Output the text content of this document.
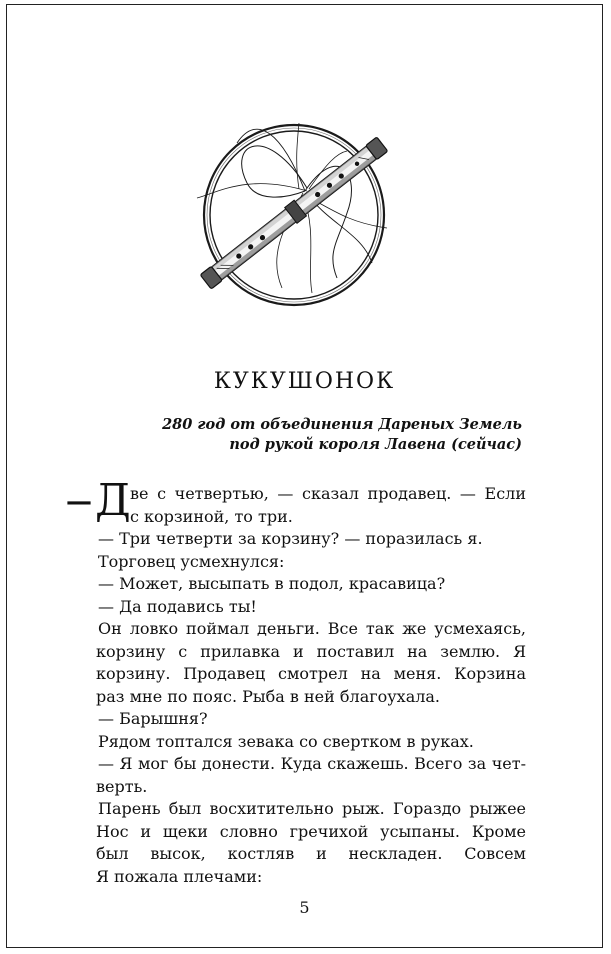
КУКУШОНОК
280 год от объединения Дареных Земель
под рукой короля Лавена (сейчас)
— Д ве с четвертью, — сказал продавец. — Если
с корзиной, то три.
— Три четверти за корзину? — поразилась я.
Торговец усмехнулся:
— Может, высыпать в подол, красавица?
— Да подавись ты!
Он ловко поймал деньги. Все так же усмехаясь,
корзину с прилавка и поставил на землю. Я
корзину. Продавец смотрел на меня. Корзина
раз мне по пояс. Рыба в ней благоухала.
— Барышня?
Рядом топтался зевака со свертком в руках.
— Я мог бы донести. Куда скажешь. Всего за чет-
верть.
Парень был восхитительно рыж. Гораздо рыжее
Нос и щеки словно гречихой усыпаны. Кроме
был высок, костляв и нескладен. Совсем
Я пожала плечами:
5
